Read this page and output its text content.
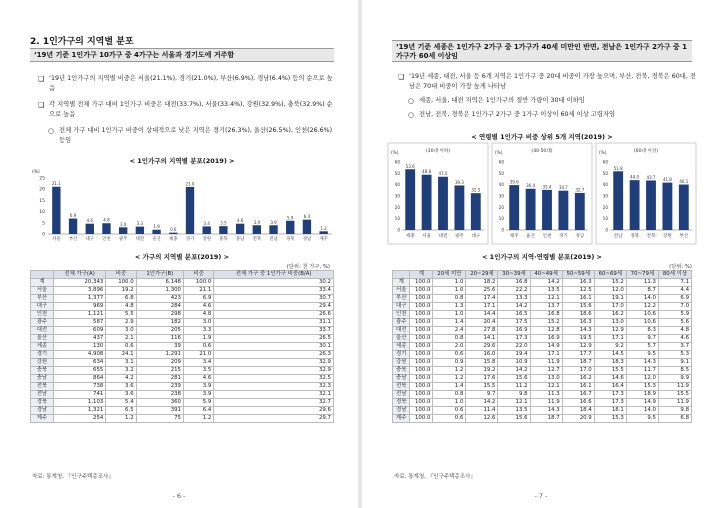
2. 1인가구의 지역별 분포
‘19년 기준 1인가구 10가구 중 4가구는 서울과 경기도에 거주함
❑ ‘19년 1인가구의 지역별 비중은 서울(21.1%), 경기(21.0%), 부산(6.9%), 경남(6.4%) 등의 순으로 높음
❑ 각 지역별 전체 가구 대비 1인가구 비중은 대전(33.7%), 서울(33.4%), 강원(32.9%), 충북(32.9%) 순으로 높음
○ 전체 가구 대비 1인가구 비중이 상대적으로 낮은 지역은 경기(26.3%), 울산(26.5%), 인천(26.6%) 등임
< 1인가구의 지역별 분포(2019) >
(%)
0
5
10
15
20
25
21.1
서울
6.9
부산
4.6
대구
4.8
인천
3.0
광주
3.3
대전
1.9
울산
0.6
세종
21.0
경기
3.4
강원
3.5
충북
4.6
충남
3.9
전북
3.9
전남
5.9
경북
6.4
경남
1.2
제주
< 가구의 지역별 분포(2019) >
(단위: 천 가구, %)
	전체 가구(A)	비중	1인가구(B)	비중	전체 가구 중 1인가구 비중(B/A)
계	20,343	100.0	6,148	100.0	30.2
서울	3,896	19.2	1,300	21.1	33.4
부산	1,377	6.8	423	6.9	30.7
대구	969	4.8	284	4.6	29.4
인천	1,121	5.5	298	4.8	26.6
광주	587	2.9	182	3.0	31.1
대전	609	3.0	205	3.3	33.7
울산	437	2.1	116	1.9	26.5
세종	130	0.6	39	0.6	30.1
경기	4,908	24.1	1,291	21.0	26.3
강원	634	3.1	209	3.4	32.9
충북	655	3.2	215	3.5	32.9
충남	864	4.2	281	4.6	32.5
전북	738	3.6	239	3.9	32.3
전남	741	3.6	238	3.9	32.1
경북	1,103	5.4	360	5.9	32.7
경남	1,321	6.5	391	6.4	29.6
제주	254	1.2	75	1.2	29.7
자료: 통계청, 『인구주택총조사』
- 6 -
‘19년 기준 세종은 1인가구 2가구 중 1가구가 40세 미만인 반면, 전남은 1인가구 2가구 중 1가구가 60세 이상임
❑ ‘19년 세종, 대전, 서울 등 6개 지역은 1인가구 중 20대 비중이 가장 높으며, 부산, 전북, 경북은 60대, 전남은 70대 비중이 가장 높게 나타남
○ 세종, 서울, 대전 지역은 1인가구의 절반 가량이 30대 이하임
○ 전남, 전북, 경북은 1인가구 2가구 중 1가구 이상이 60세 이상 고령자임
< 연령별 1인가구 비중 상위 5개 지역(2019) >
(%)	(30대 이하)
0
10
20
30
40
50
60
53.6
세종
48.8
서울
47.0
대전
39.3
광주
32.5
대구
(%)	(40·50대)
0
10
20
30
40
50
60
39.6
제주
36.4
울산
35.4
인천
34.7
경기
32.7
경남
(%)	(60대 이상)
0
10
20
30
40
50
60
51.8
전남
44.0
경북
43.7
전북
41.8
강원
40.1
부산
< 1인가구의 지역·연령별 분포(2019) >
(단위: %)
	계	20세 미만	20~29세	30~39세	40~49세	50~59세	60~69세	70~79세	80세 이상
계	100.0	1.0	18.2	16.8	14.2	16.3	15.2	11.3	7.1
서울	100.0	1.0	25.6	22.2	13.5	12.5	12.0	8.7	4.4
부산	100.0	0.8	17.4	13.3	12.1	16.1	19.1	14.0	6.9
대구	100.0	1.3	17.1	14.2	13.7	15.6	17.0	12.2	7.0
인천	100.0	1.0	14.4	16.5	16.8	18.6	16.2	10.6	5.9
광주	100.0	1.4	20.4	17.5	15.2	16.3	13.0	10.6	5.6
대전	100.0	2.4	27.8	16.9	12.8	14.3	12.9	8.3	4.8
울산	100.0	0.8	14.1	17.3	16.9	19.5	17.1	9.7	4.6
세종	100.0	2.0	29.6	22.0	14.9	12.9	9.2	5.7	3.7
경기	100.0	0.6	16.0	19.4	17.1	17.7	14.5	9.5	5.3
강원	100.0	0.9	15.8	10.9	11.9	18.7	18.3	14.3	9.1
충북	100.0	1.2	19.2	14.2	12.7	17.0	15.5	11.7	8.5
충남	100.0	1.2	17.6	15.6	13.0	16.2	14.6	12.0	9.9
전북	100.0	1.4	15.5	11.2	12.1	16.1	16.4	15.3	11.9
전남	100.0	0.8	9.7	9.8	11.3	16.7	17.3	18.9	15.5
경북	100.0	1.0	14.2	12.1	11.9	16.6	17.3	14.9	11.9
경남	100.0	0.6	11.4	13.5	14.3	18.4	18.1	14.0	9.8
제주	100.0	0.6	12.6	15.6	18.7	20.9	15.3	9.5	6.8
자료: 통계청, 『인구주택총조사』
- 7 -
